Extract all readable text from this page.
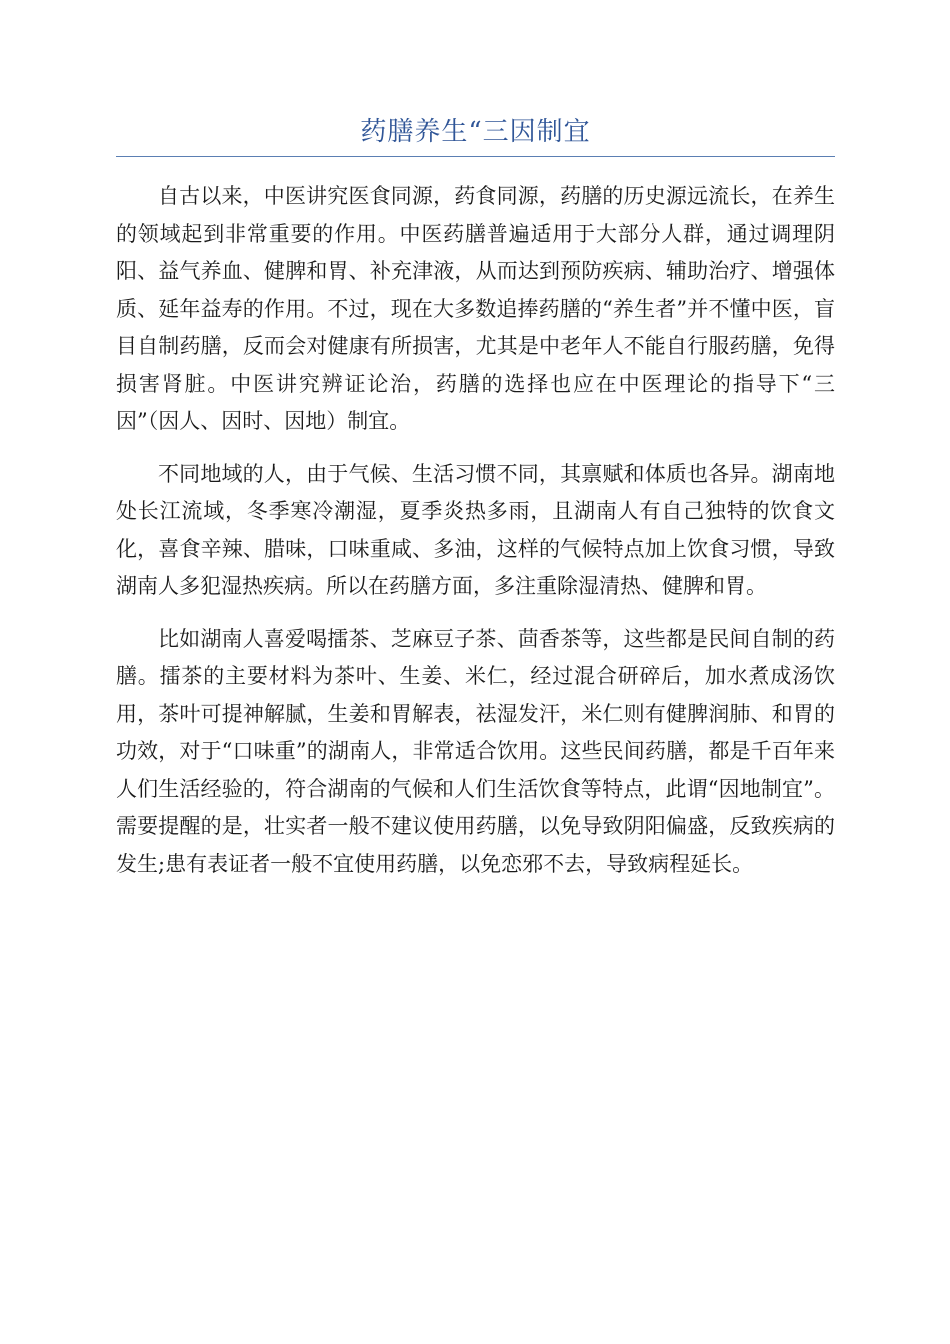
药膳养生“三因制宜

自古以来，中医讲究医食同源，药食同源，药膳的历史源远流长，在养生的领域起到非常重要的作用。中医药膳普遍适用于大部分人群，通过调理阴阳、益气养血、健脾和胃、补充津液，从而达到预防疾病、辅助治疗、增强体质、延年益寿的作用。不过，现在大多数追捧药膳的“养生者”并不懂中医，盲目自制药膳，反而会对健康有所损害，尤其是中老年人不能自行服药膳，免得损害肾脏。中医讲究辨证论治，药膳的选择也应在中医理论的指导下“三因”（因人、因时、因地）制宜。

不同地域的人，由于气候、生活习惯不同，其禀赋和体质也各异。湖南地处长江流域，冬季寒冷潮湿，夏季炎热多雨，且湖南人有自己独特的饮食文化，喜食辛辣、腊味，口味重咸、多油，这样的气候特点加上饮食习惯，导致湖南人多犯湿热疾病。所以在药膳方面，多注重除湿清热、健脾和胃。

比如湖南人喜爱喝擂茶、芝麻豆子茶、茴香茶等，这些都是民间自制的药膳。擂茶的主要材料为茶叶、生姜、米仁，经过混合研碎后，加水煮成汤饮用，茶叶可提神解腻，生姜和胃解表，祛湿发汗，米仁则有健脾润肺、和胃的功效，对于“口味重”的湖南人，非常适合饮用。这些民间药膳，都是千百年来人们生活经验的，符合湖南的气候和人们生活饮食等特点，此谓“因地制宜”。需要提醒的是，壮实者一般不建议使用药膳，以免导致阴阳偏盛，反致疾病的发生;患有表证者一般不宜使用药膳，以免恋邪不去，导致病程延长。
